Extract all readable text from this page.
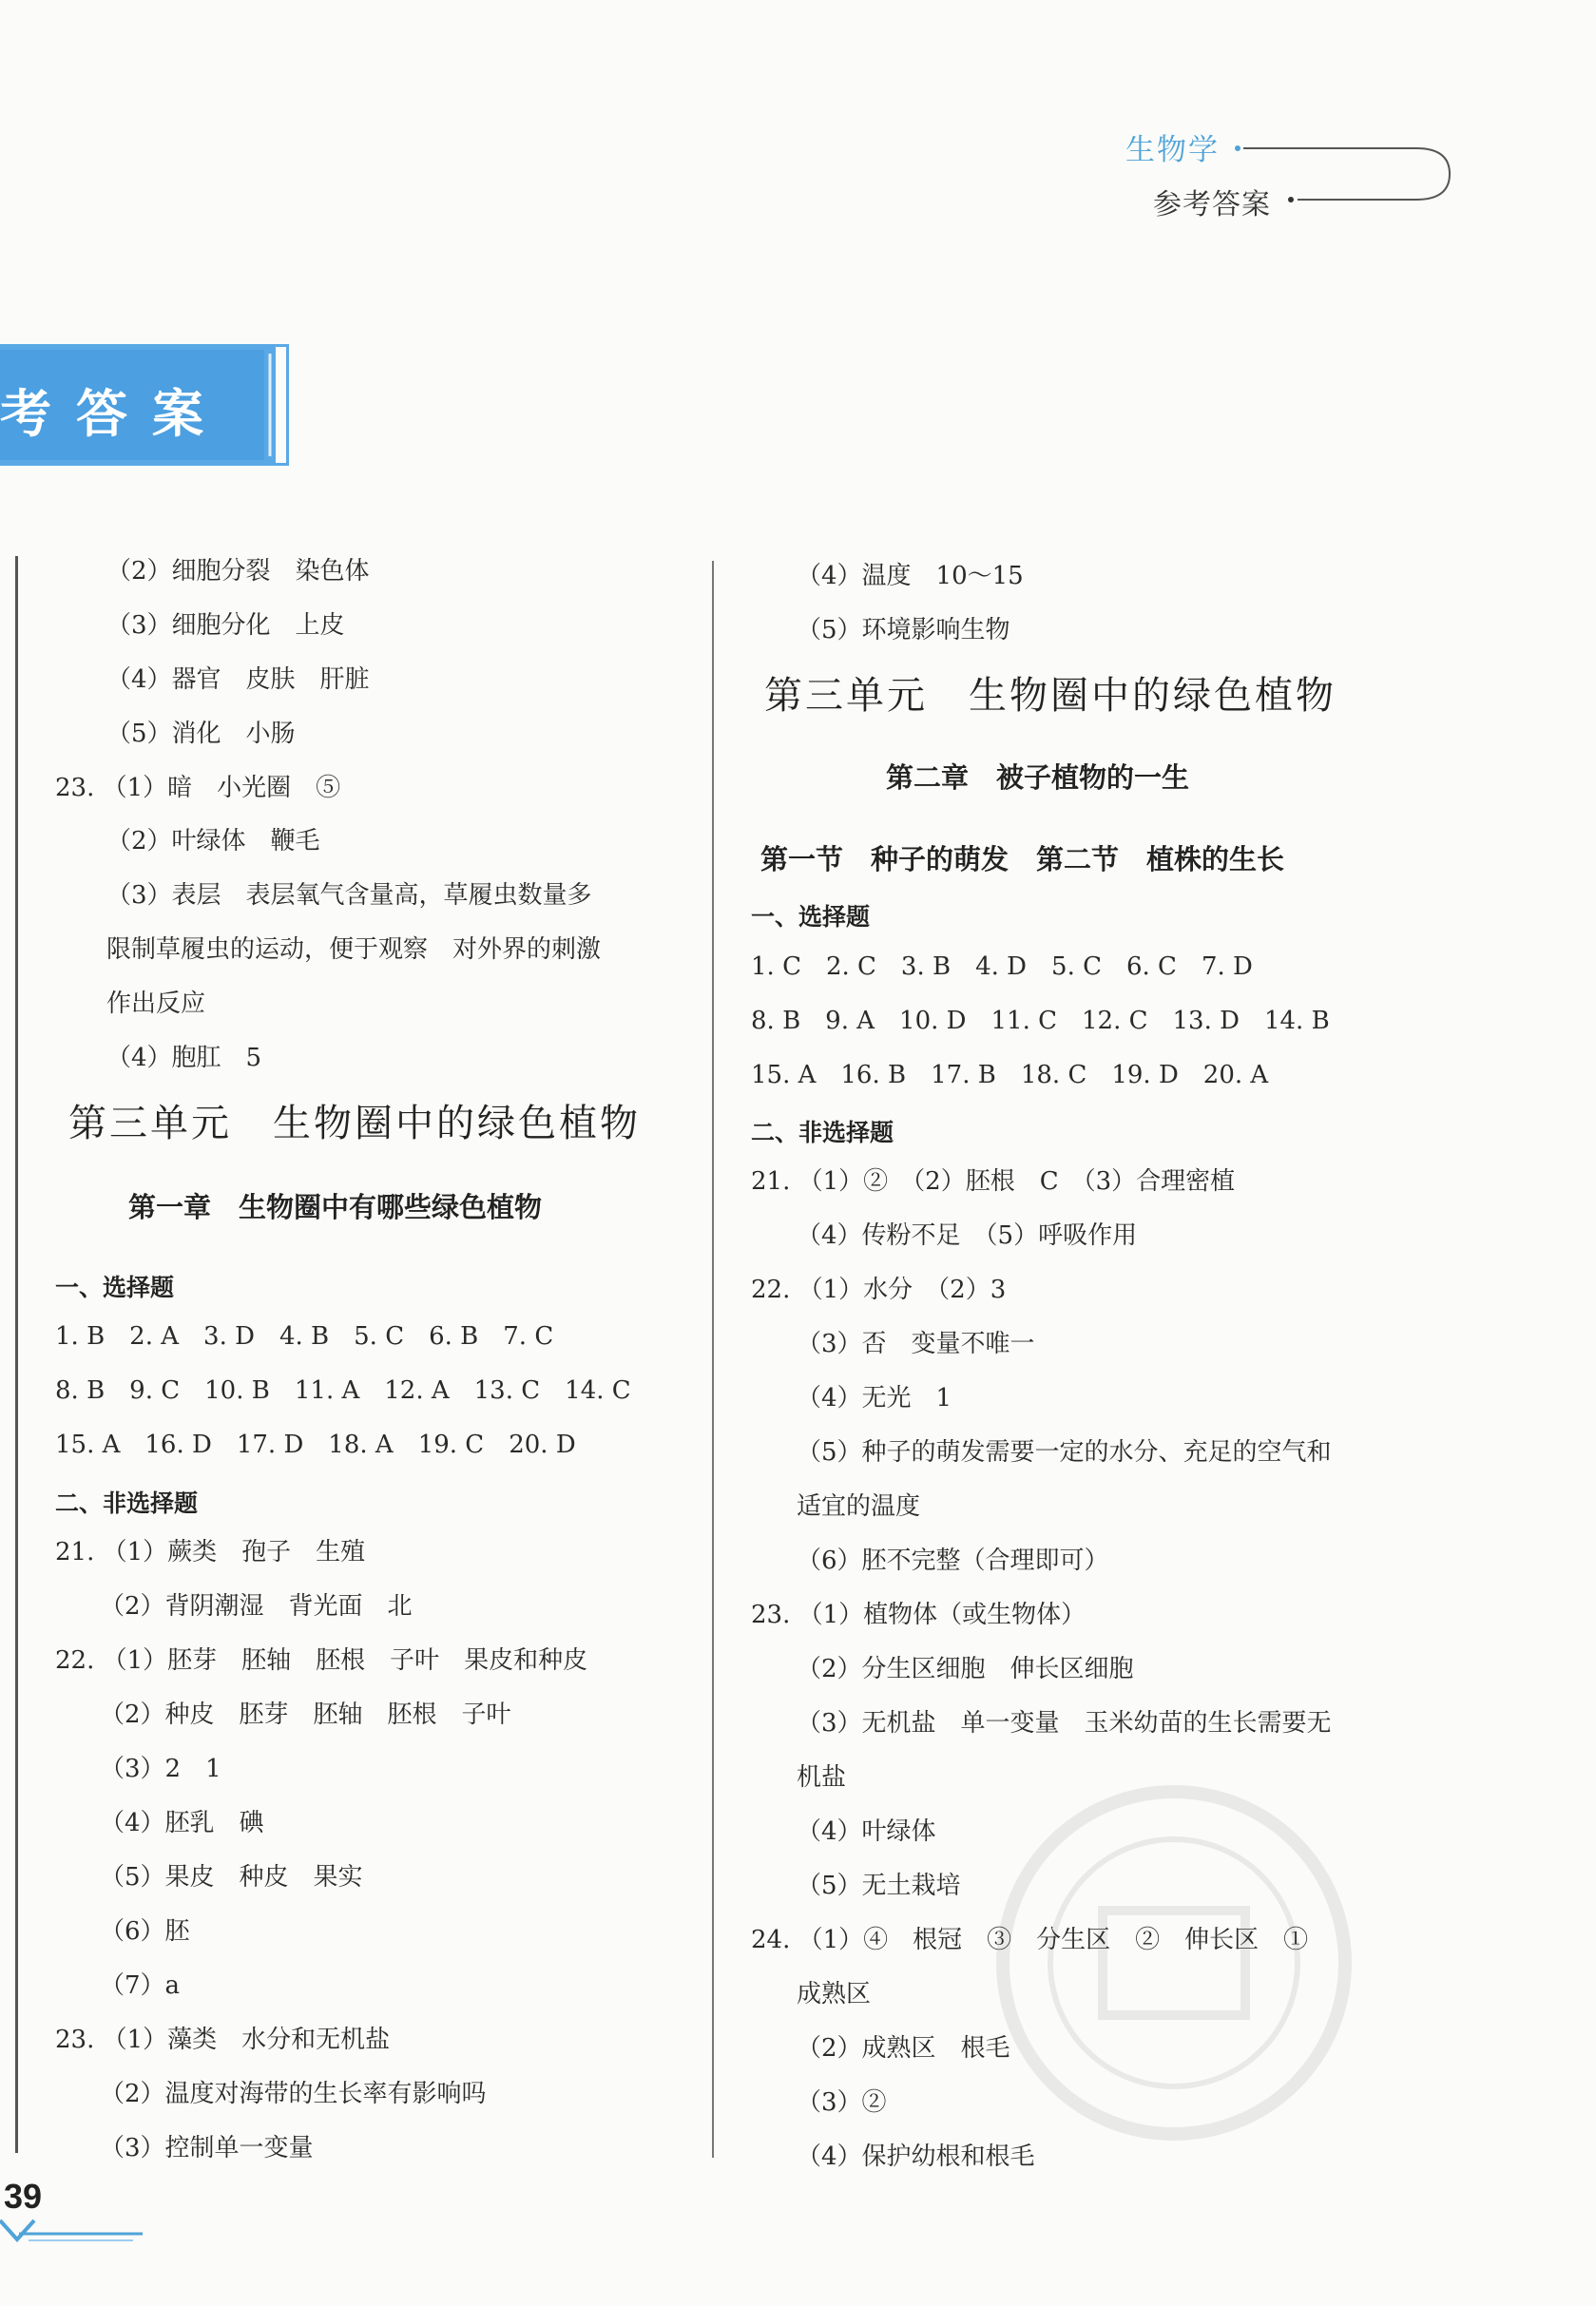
生物学
参考答案
考答案
（2）细胞分裂　染色体
（3）细胞分化　上皮
（4）器官　皮肤　肝脏
（5）消化　小肠
23. （1）暗　小光圈　⑤
（2）叶绿体　鞭毛
（3）表层　表层氧气含量高，草履虫数量多
限制草履虫的运动，便于观察　对外界的刺激
作出反应
（4）胞肛　5
第三单元　生物圈中的绿色植物
第一章　生物圈中有哪些绿色植物
一、选择题
1. B　2. A　3. D　4. B　5. C　6. B　7. C
8. B　9. C　10. B　11. A　12. A　13. C　14. C
15. A　16. D　17. D　18. A　19. C　20. D
二、非选择题
21. （1）蕨类　孢子　生殖
（2）背阴潮湿　背光面　北
22. （1）胚芽　胚轴　胚根　子叶　果皮和种皮
（2）种皮　胚芽　胚轴　胚根　子叶
（3）2　1
（4）胚乳　碘
（5）果皮　种皮　果实
（6）胚
（7）a
23. （1）藻类　水分和无机盐
（2）温度对海带的生长率有影响吗
（3）控制单一变量
（4）温度　10～15
（5）环境影响生物
第三单元　生物圈中的绿色植物
第二章　被子植物的一生
第一节　种子的萌发　第二节　植株的生长
一、选择题
1. C　2. C　3. B　4. D　5. C　6. C　7. D
8. B　9. A　10. D　11. C　12. C　13. D　14. B
15. A　16. B　17. B　18. C　19. D　20. A
二、非选择题
21. （1）②　（2）胚根　C　（3）合理密植
（4）传粉不足　（5）呼吸作用
22. （1）水分　（2）3
（3）否　变量不唯一
（4）无光　1
（5）种子的萌发需要一定的水分、充足的空气和
适宜的温度
（6）胚不完整（合理即可）
23. （1）植物体（或生物体）
（2）分生区细胞　伸长区细胞
（3）无机盐　单一变量　玉米幼苗的生长需要无
机盐
（4）叶绿体
（5）无土栽培
24. （1）④　根冠　③　分生区　②　伸长区　①
成熟区
（2）成熟区　根毛
（3）②
（4）保护幼根和根毛
39
